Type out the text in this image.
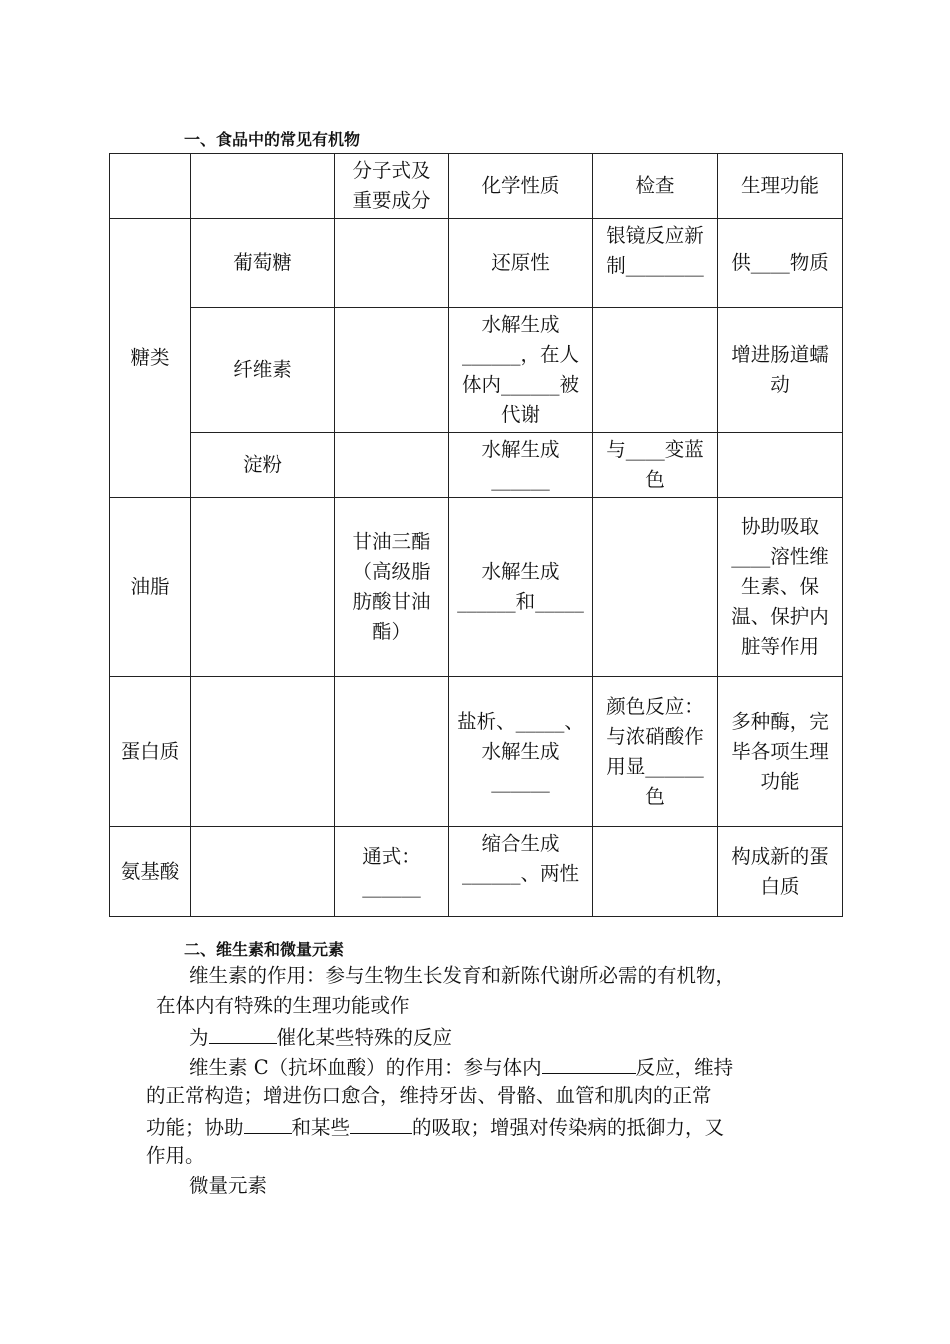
一、食品中的常见有机物
		分子式及重要成分	化学性质	检查	生理功能
糖类	葡萄糖		还原性	银镜反应新制________	供____物质
	纤维素		水解生成______，在人体内______被代谢		增进肠道蠕动
	淀粉		水解生成______	与____变蓝色	
油脂		甘油三酯（高级脂肪酸甘油酯）	水解生成______和_____		协助吸取____溶性维生素、保温、保护内脏等作用
蛋白质			盐析、_____、水解生成______	颜色反应：与浓硝酸作用显______色	多种酶，完毕各项生理功能
氨基酸		通式：______	缩合生成______、两性		构成新的蛋白质
二、维生素和微量元素
维生素的作用：参与生物生长发育和新陈代谢所必需的有机物，
在体内有特殊的生理功能或作
为	催化某些特殊的反应
维生素 C（抗坏血酸）的作用：参与体内	反应，维持
的正常构造；增进伤口愈合，维持牙齿、骨骼、血管和肌肉的正常
功能；协助 和某些	的吸取；增强对传染病的抵御力，又
作用。
微量元素
